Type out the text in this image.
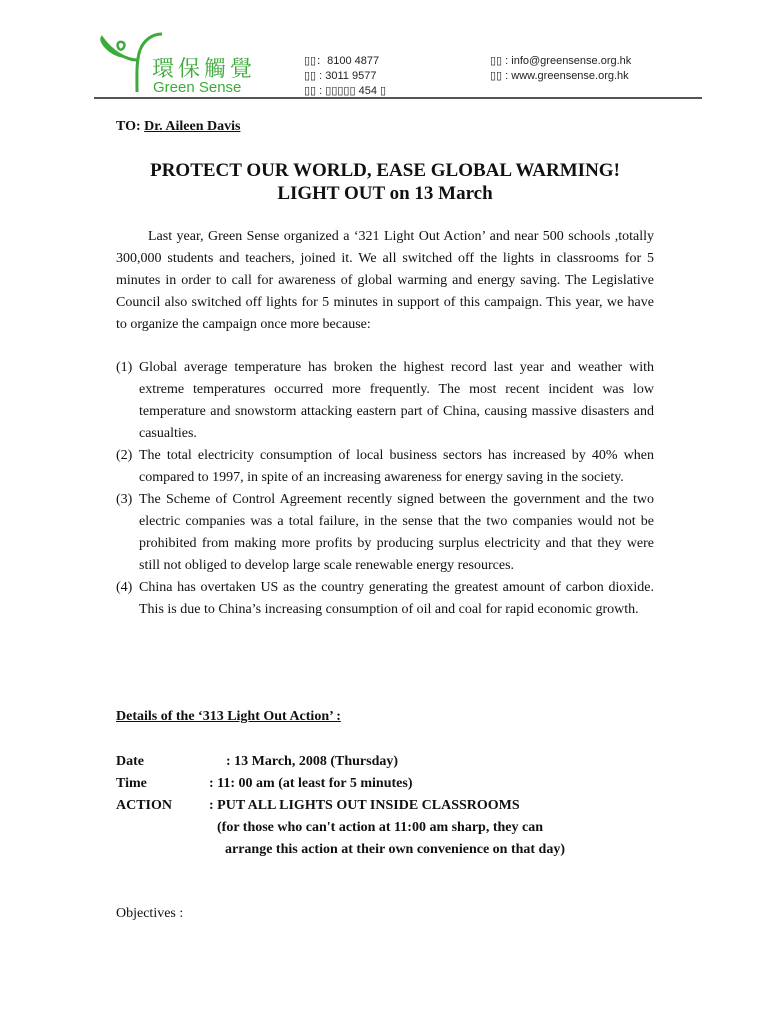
環保觸覺
Green Sense
▯▯：8100 4877
▯▯ : 3011 9577
▯▯ : ▯▯▯▯▯ 454 ▯
▯▯ : info@greensense.org.hk
▯▯ : www.greensense.org.hk
TO: Dr. Aileen Davis
PROTECT OUR WORLD, EASE GLOBAL WARMING!
LIGHT OUT on 13 March
Last year, Green Sense organized a ‘321 Light Out Action’ and near 500 schools ,totally 300,000 students and teachers, joined it. We all switched off the lights in classrooms for 5 minutes in order to call for awareness of global warming and energy saving. The Legislative Council also switched off lights for 5 minutes in support of this campaign. This year, we have to organize the campaign once more because:
(1) Global average temperature has broken the highest record last year and weather with extreme temperatures occurred more frequently. The most recent incident was low temperature and snowstorm attacking eastern part of China, causing massive disasters and casualties.
(2) The total electricity consumption of local business sectors has increased by 40% when compared to 1997, in spite of an increasing awareness for energy saving in the society.
(3) The Scheme of Control Agreement recently signed between the government and the two electric companies was a total failure, in the sense that the two companies would not be prohibited from making more profits by producing surplus electricity and that they were still not obliged to develop large scale renewable energy resources.
(4) China has overtaken US as the country generating the greatest amount of carbon dioxide. This is due to China’s increasing consumption of oil and coal for rapid economic growth.
Details of the ‘313 Light Out Action’ :
Date	: 13 March, 2008 (Thursday)
Time	: 11: 00 am (at least for 5 minutes)
ACTION	: PUT ALL LIGHTS OUT INSIDE CLASSROOMS
(for those who can't action at 11:00 am sharp, they can
arrange this action at their own convenience on that day)
Objectives :
